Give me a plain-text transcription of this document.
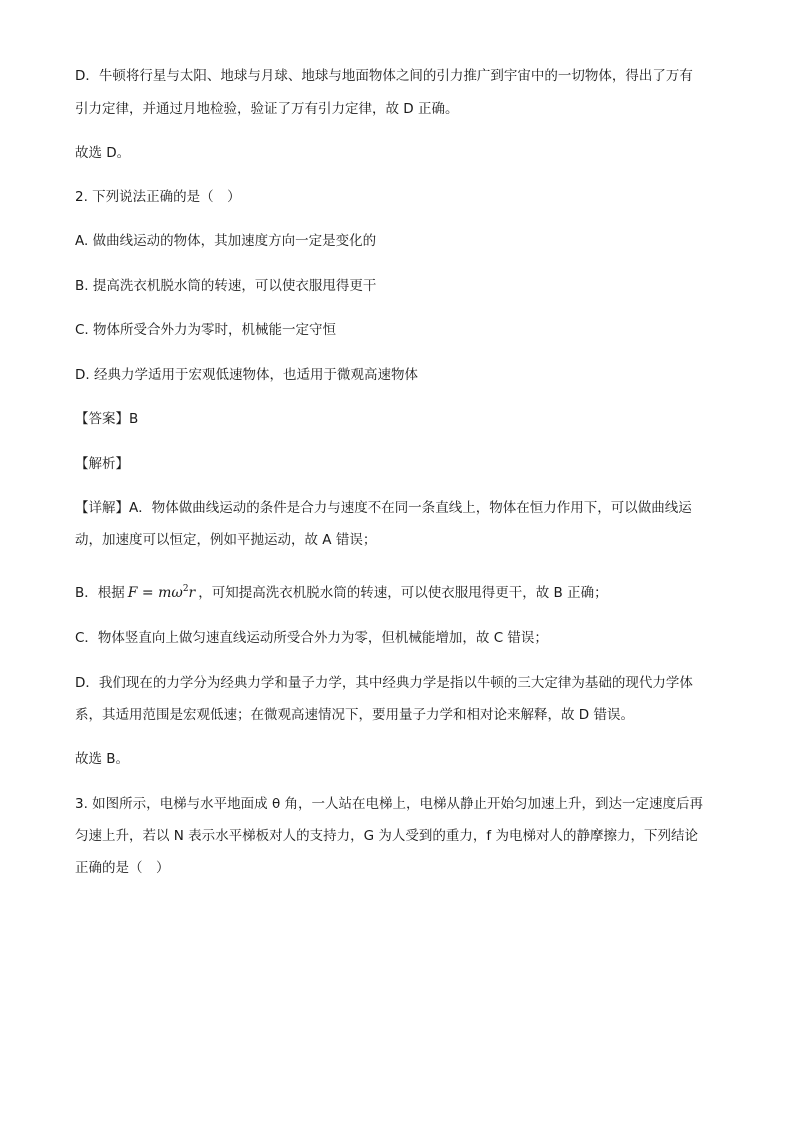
D．牛顿将行星与太阳、地球与月球、地球与地面物体之间的引力推广到宇宙中的一切物体，得出了万有
引力定律，并通过月地检验，验证了万有引力定律，故 D 正确。
故选 D。
2. 下列说法正确的是（　）
A. 做曲线运动的物体，其加速度方向一定是变化的
B. 提高洗衣机脱水筒的转速，可以使衣服甩得更干
C. 物体所受合外力为零时，机械能一定守恒
D. 经典力学适用于宏观低速物体，也适用于微观高速物体
【答案】B
【解析】
【详解】A．物体做曲线运动的条件是合力与速度不在同一条直线上，物体在恒力作用下，可以做曲线运
动，加速度可以恒定，例如平抛运动，故 A 错误；
B．根据 $F = m\omega^2r$ ，可知提高洗衣机脱水筒的转速，可以使衣服甩得更干，故 B 正确；
C．物体竖直向上做匀速直线运动所受合外力为零，但机械能增加，故 C 错误；
D．我们现在的力学分为经典力学和量子力学，其中经典力学是指以牛顿的三大定律为基础的现代力学体
系，其适用范围是宏观低速；在微观高速情况下，要用量子力学和相对论来解释，故 D 错误。
故选 B。
3. 如图所示，电梯与水平地面成 θ 角，一人站在电梯上，电梯从静止开始匀加速上升，到达一定速度后再
匀速上升，若以 N 表示水平梯板对人的支持力，G 为人受到的重力，f 为电梯对人的静摩擦力，下列结论
正确的是（　）
